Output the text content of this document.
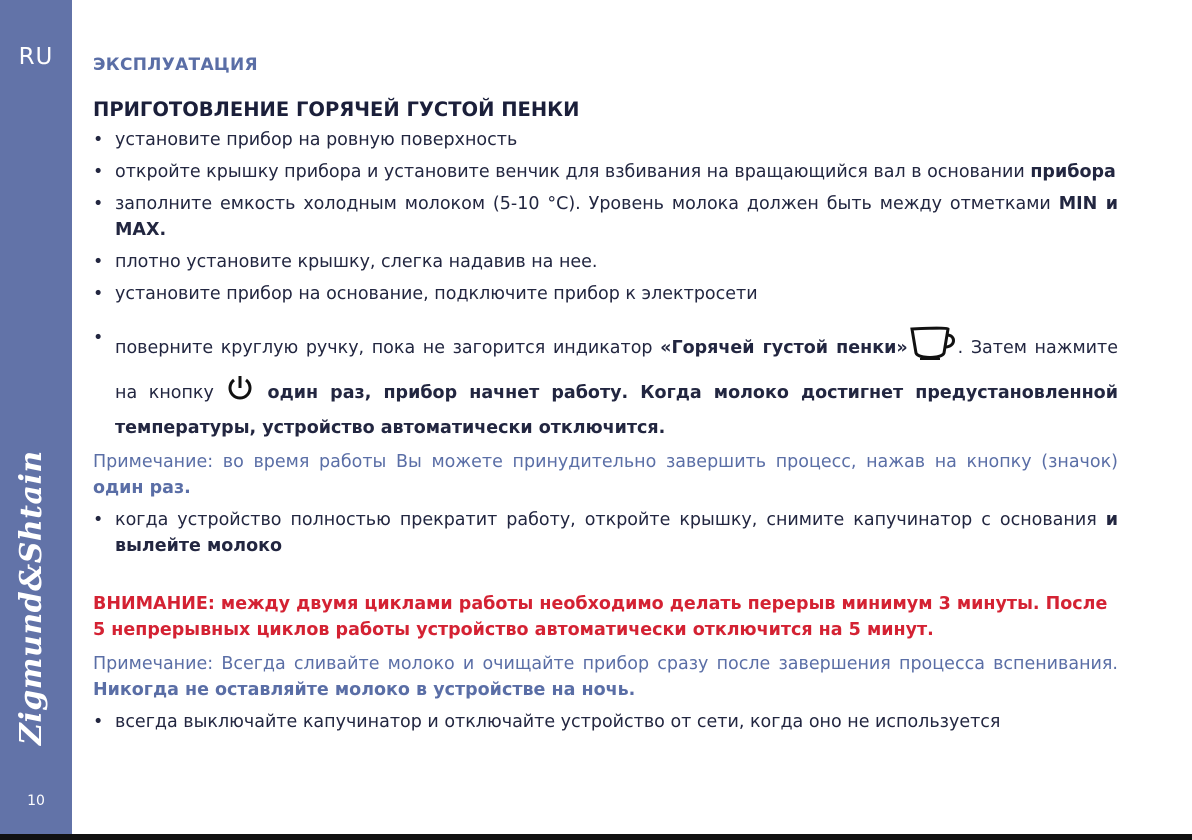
RU
Zigmund&Shtain
10
ЭКСПЛУАТАЦИЯ
ПРИГОТОВЛЕНИЕ ГОРЯЧЕЙ ГУСТОЙ ПЕНКИ
• установите прибор на ровную поверхность
• откройте крышку прибора и установите венчик для взбивания на вращающийся вал в основании прибора
• заполните емкость холодным молоком (5-10 °C). Уровень молока должен быть между отметками MIN и MAX.
• плотно установите крышку, слегка надавив на нее.
• установите прибор на основание, подключите прибор к электросети
• поверните круглую ручку, пока не загорится индикатор «Горячей густой пенки»	. Затем нажмите на кнопку  один раз, прибор начнет работу. Когда молоко достигнет предустановленной температуры, устройство автоматически отключится.
Примечание: во время работы Вы можете принудительно завершить процесс, нажав на кнопку (значок) один раз.
• когда устройство полностью прекратит работу, откройте крышку, снимите капучинатор с основания и вылейте молоко
ВНИМАНИЕ: между двумя циклами работы необходимо делать перерыв минимум 3 минуты. После 5 непрерывных циклов работы устройство автоматически отключится на 5 минут.
Примечание: Всегда сливайте молоко и очищайте прибор сразу после завершения процесса вспенивания. Никогда не оставляйте молоко в устройстве на ночь.
• всегда выключайте капучинатор и отключайте устройство от сети, когда оно не используется
